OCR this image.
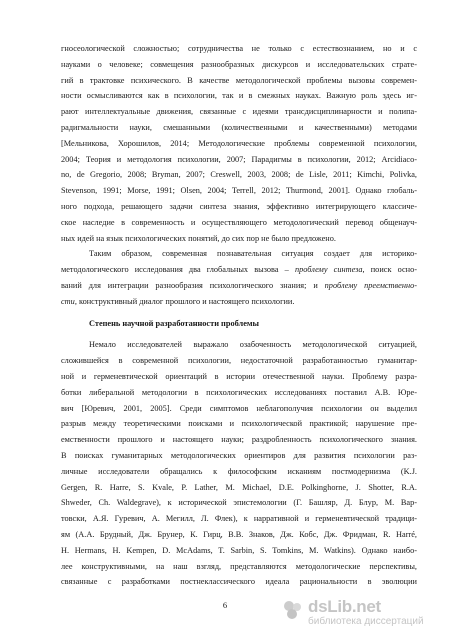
гносеологической сложностью; сотрудничества не только с естествознанием, но и с
науками о человеке; совмещения разнообразных дискурсов и исследовательских страте-
гий в трактовке психического. В качестве методологической проблемы вызовы современ-
ности осмысливаются как в психологии, так и в смежных науках. Важную роль здесь иг-
рают интеллектуальные движения, связанные с идеями трансдисциплинарности и полипа-
радигмальности науки, смешанными (количественными и качественными) методами
[Мельникова, Хорошилов, 2014; Методологические проблемы современной психологии,
2004; Теория и методология психологии, 2007; Парадигмы в психологии, 2012; Arcidiaco-
no, de Gregorio, 2008; Bryman, 2007; Creswell, 2003, 2008; de Lisle, 2011; Kimchi, Polivka,
Stevenson, 1991; Morse, 1991; Olsen, 2004; Terrell, 2012; Thurmond, 2001]. Однако глобаль-
ного подхода, решающего задачи синтеза знания, эффективно интегрирующего классиче-
ское наследие в современность и осуществляющего методологический перевод общенауч-
ных идей на язык психологических понятий, до сих пор не было предложено.
Таким образом, современная познавательная ситуация создает для историко-
методологического исследования два глобальных вызова – проблему синтеза, поиск осно-
ваний для интеграции разнообразия психологического знания; и проблему преемственно-
сти, конструктивный диалог прошлого и настоящего психологии.
Степень научной разработанности проблемы
Немало исследователей выражало озабоченность методологической ситуацией,
сложившейся в современной психологии, недостаточной разработанностью гуманитар-
ной и герменевтической ориентаций в истории отечественной науки. Проблему разра-
ботки либеральной методологии в психологических исследованиях поставил А.В. Юре-
вич [Юревич, 2001, 2005]. Среди симптомов неблагополучия психологии он выделил
разрыв между теоретическими поисками и психологической практикой; нарушение пре-
емственности прошлого и настоящего науки; раздробленность психологического знания.
В поисках гуманитарных методологических ориентиров для развития психологии раз-
личные исследователи обращались к философским исканиям постмодернизма (K.J.
Gergen, R. Harre, S. Kvale, P. Lather, M. Michael, D.E. Polkinghorne, J. Shotter, R.A.
Shweder, Ch. Waldegrave), к исторической эпистемологии (Г. Башляр, Д. Блур, М. Вар-
товски, А.Я. Гуревич, А. Мегилл, Л. Флек), к нарративной и герменевтической традици-
ям (А.А. Брудный, Дж. Брунер, К. Гирц, В.В. Знаков, Дж. Кобс, Дж. Фридман, R. Harré,
H. Hermans, H. Kempen, D. McAdams, T. Sarbin, S. Tomkins, M. Watkins). Однако наибо-
лее конструктивными, на наш взгляд, представляются методологические перспективы,
связанные с разработками постнеклассического идеала рациональности в эволюции
6	dsLib.net
библиотека диссертаций
